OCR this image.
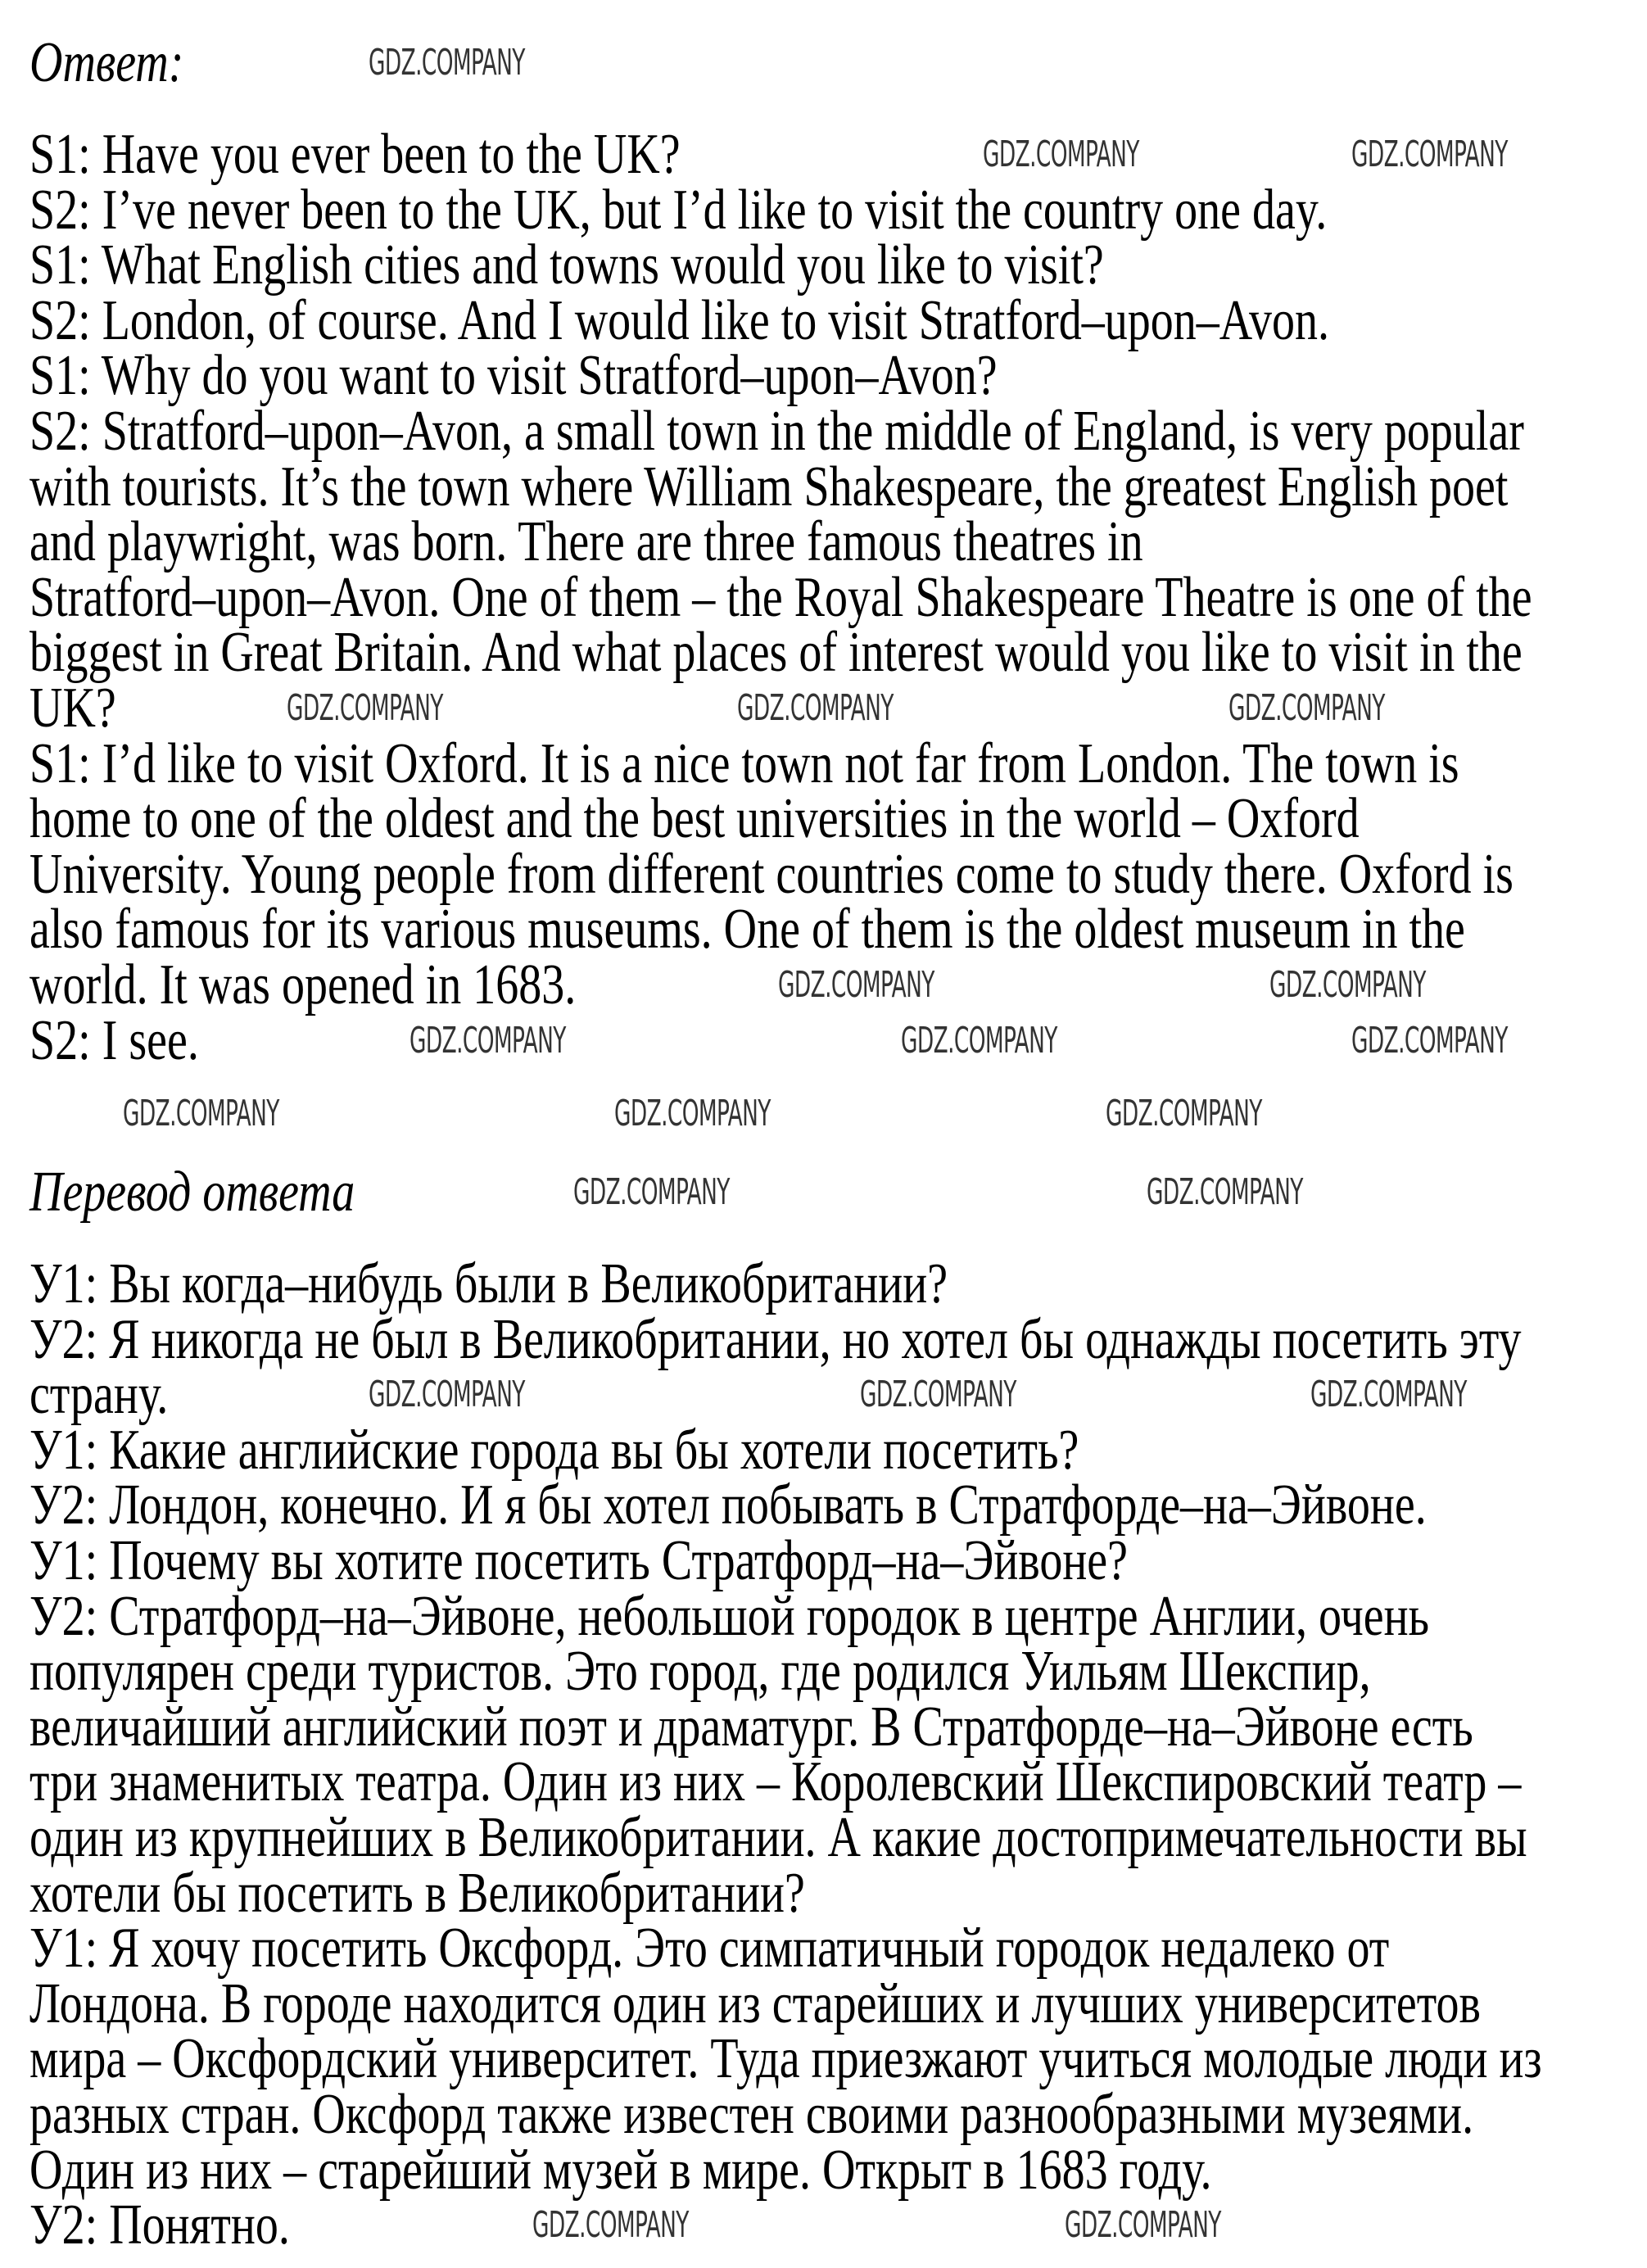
Ответ:
S1: Have you ever been to the UK?
S2: I’ve never been to the UK, but I’d like to visit the country one day.
S1: What English cities and towns would you like to visit?
S2: London, of course. And I would like to visit Stratford–upon–Avon.
S1: Why do you want to visit Stratford–upon–Avon?
S2: Stratford–upon–Avon, a small town in the middle of England, is very popular
with tourists. It’s the town where William Shakespeare, the greatest English poet
and playwright, was born. There are three famous theatres in
Stratford–upon–Avon. One of them – the Royal Shakespeare Theatre is one of the
biggest in Great Britain. And what places of interest would you like to visit in the
UK?
S1: I’d like to visit Oxford. It is a nice town not far from London. The town is
home to one of the oldest and the best universities in the world – Oxford
University. Young people from different countries come to study there. Oxford is
also famous for its various museums. One of them is the oldest museum in the
world. It was opened in 1683.
S2: I see.
Перевод ответа
У1: Вы когда–нибудь были в Великобритании?
У2: Я никогда не был в Великобритании, но хотел бы однажды посетить эту
страну.
У1: Какие английские города вы бы хотели посетить?
У2: Лондон, конечно. И я бы хотел побывать в Стратфорде–на–Эйвоне.
У1: Почему вы хотите посетить Стратфорд–на–Эйвоне?
У2: Стратфорд–на–Эйвоне, небольшой городок в центре Англии, очень
популярен среди туристов. Это город, где родился Уильям Шекспир,
величайший английский поэт и драматург. В Стратфорде–на–Эйвоне есть
три знаменитых театра. Один из них – Королевский Шекспировский театр –
один из крупнейших в Великобритании. А какие достопримечательности вы
хотели бы посетить в Великобритании?
У1: Я хочу посетить Оксфорд. Это симпатичный городок недалеко от
Лондона. В городе находится один из старейших и лучших университетов
мира – Оксфордский университет. Туда приезжают учиться молодые люди из
разных стран. Оксфорд также известен своими разнообразными музеями.
Один из них – старейший музей в мире. Открыт в 1683 году.
У2: Понятно.
GDZ.COMPANY
GDZ.COMPANY	GDZ.COMPANY
GDZ.COMPANY	GDZ.COMPANY	GDZ.COMPANY
GDZ.COMPANY	GDZ.COMPANY
GDZ.COMPANY	GDZ.COMPANY	GDZ.COMPANY
GDZ.COMPANY	GDZ.COMPANY	GDZ.COMPANY
GDZ.COMPANY	GDZ.COMPANY
GDZ.COMPANY	GDZ.COMPANY	GDZ.COMPANY
GDZ.COMPANY	GDZ.COMPANY
